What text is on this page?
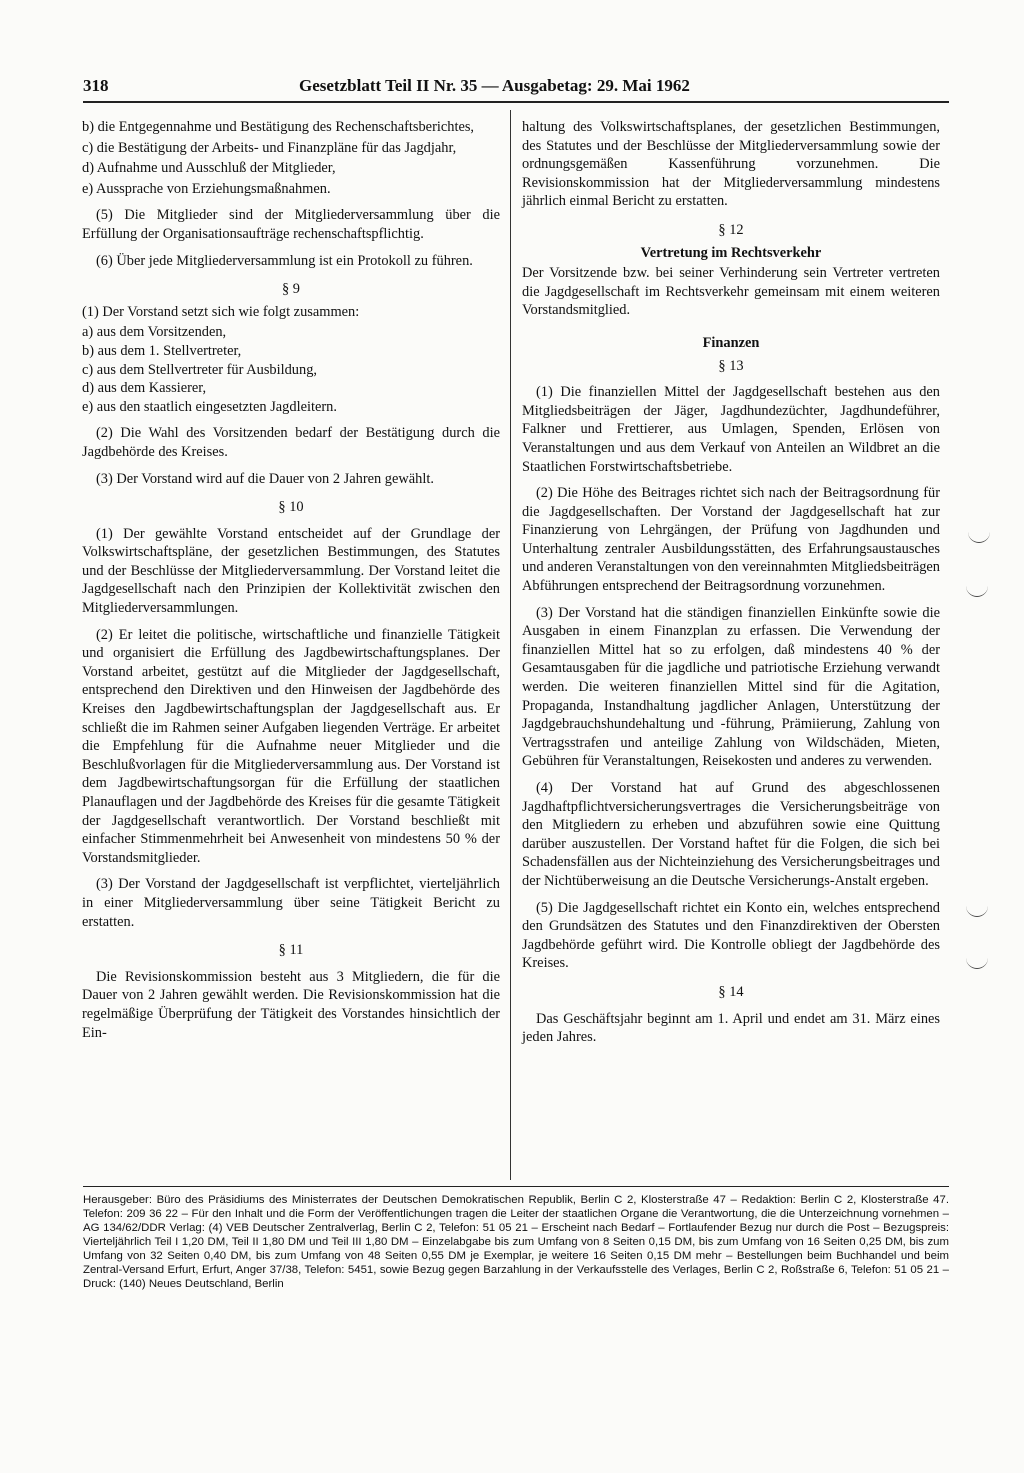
318	Gesetzblatt Teil II Nr. 35 — Ausgabetag: 29. Mai 1962

b) die Entgegennahme und Bestätigung des Rechenschaftsberichtes,

c) die Bestätigung der Arbeits- und Finanzpläne für das Jagdjahr,

d) Aufnahme und Ausschluß der Mitglieder,

e) Aussprache von Erziehungsmaßnahmen.

(5) Die Mitglieder sind der Mitgliederversammlung über die Erfüllung der Organisationsaufträge rechenschaftspflichtig.

(6) Über jede Mitgliederversammlung ist ein Protokoll zu führen.

§ 9

(1) Der Vorstand setzt sich wie folgt zusammen:

a) aus dem Vorsitzenden,

b) aus dem 1. Stellvertreter,

c) aus dem Stellvertreter für Ausbildung,

d) aus dem Kassierer,

e) aus den staatlich eingesetzten Jagdleitern.

(2) Die Wahl des Vorsitzenden bedarf der Bestätigung durch die Jagdbehörde des Kreises.

(3) Der Vorstand wird auf die Dauer von 2 Jahren gewählt.

§ 10

(1) Der gewählte Vorstand entscheidet auf der Grundlage der Volkswirtschaftspläne, der gesetzlichen Bestimmungen, des Statutes und der Beschlüsse der Mitgliederversammlung. Der Vorstand leitet die Jagdgesellschaft nach den Prinzipien der Kollektivität zwischen den Mitgliederversammlungen.

(2) Er leitet die politische, wirtschaftliche und finanzielle Tätigkeit und organisiert die Erfüllung des Jagdbewirtschaftungsplanes. Der Vorstand arbeitet, gestützt auf die Mitglieder der Jagdgesellschaft, entsprechend den Direktiven und den Hinweisen der Jagdbehörde des Kreises den Jagdbewirtschaftungsplan der Jagdgesellschaft aus. Er schließt die im Rahmen seiner Aufgaben liegenden Verträge. Er arbeitet die Empfehlung für die Aufnahme neuer Mitglieder und die Beschlußvorlagen für die Mitgliederversammlung aus. Der Vorstand ist dem Jagdbewirtschaftungsorgan für die Erfüllung der staatlichen Planauflagen und der Jagdbehörde des Kreises für die gesamte Tätigkeit der Jagdgesellschaft verantwortlich. Der Vorstand beschließt mit einfacher Stimmenmehrheit bei Anwesenheit von mindestens 50 % der Vorstandsmitglieder.

(3) Der Vorstand der Jagdgesellschaft ist verpflichtet, vierteljährlich in einer Mitgliederversammlung über seine Tätigkeit Bericht zu erstatten.

§ 11

Die Revisionskommission besteht aus 3 Mitgliedern, die für die Dauer von 2 Jahren gewählt werden. Die Revisionskommission hat die regelmäßige Überprüfung der Tätigkeit des Vorstandes hinsichtlich der Ein-

haltung des Volkswirtschaftsplanes, der gesetzlichen Bestimmungen, des Statutes und der Beschlüsse der Mitgliederversammlung sowie der ordnungsgemäßen Kassenführung vorzunehmen. Die Revisionskommission hat der Mitgliederversammlung mindestens jährlich einmal Bericht zu erstatten.

§ 12

Vertretung im Rechtsverkehr

Der Vorsitzende bzw. bei seiner Verhinderung sein Vertreter vertreten die Jagdgesellschaft im Rechtsverkehr gemeinsam mit einem weiteren Vorstandsmitglied.

Finanzen

§ 13

(1) Die finanziellen Mittel der Jagdgesellschaft bestehen aus den Mitgliedsbeiträgen der Jäger, Jagdhundezüchter, Jagdhundeführer, Falkner und Frettierer, aus Umlagen, Spenden, Erlösen von Veranstaltungen und aus dem Verkauf von Anteilen an Wildbret an die Staatlichen Forstwirtschaftsbetriebe.

(2) Die Höhe des Beitrages richtet sich nach der Beitragsordnung für die Jagdgesellschaften. Der Vorstand der Jagdgesellschaft hat zur Finanzierung von Lehrgängen, der Prüfung von Jagdhunden und Unterhaltung zentraler Ausbildungsstätten, des Erfahrungsaustausches und anderen Veranstaltungen von den vereinnahmten Mitgliedsbeiträgen Abführungen entsprechend der Beitragsordnung vorzunehmen.

(3) Der Vorstand hat die ständigen finanziellen Einkünfte sowie die Ausgaben in einem Finanzplan zu erfassen. Die Verwendung der finanziellen Mittel hat so zu erfolgen, daß mindestens 40 % der Gesamtausgaben für die jagdliche und patriotische Erziehung verwandt werden. Die weiteren finanziellen Mittel sind für die Agitation, Propaganda, Instandhaltung jagdlicher Anlagen, Unterstützung der Jagdgebrauchshundehaltung und -führung, Prämiierung, Zahlung von Vertragsstrafen und anteilige Zahlung von Wildschäden, Mieten, Gebühren für Veranstaltungen, Reisekosten und anderes zu verwenden.

(4) Der Vorstand hat auf Grund des abgeschlossenen Jagdhaftpflichtversicherungsvertrages die Versicherungsbeiträge von den Mitgliedern zu erheben und abzuführen sowie eine Quittung darüber auszustellen. Der Vorstand haftet für die Folgen, die sich bei Schadensfällen aus der Nichteinziehung des Versicherungsbeitrages und der Nichtüberweisung an die Deutsche Versicherungs-Anstalt ergeben.

(5) Die Jagdgesellschaft richtet ein Konto ein, welches entsprechend den Grundsätzen des Statutes und den Finanzdirektiven der Obersten Jagdbehörde geführt wird. Die Kontrolle obliegt der Jagdbehörde des Kreises.

§ 14

Das Geschäftsjahr beginnt am 1. April und endet am 31. März eines jeden Jahres.

Herausgeber: Büro des Präsidiums des Ministerrates der Deutschen Demokratischen Republik, Berlin C 2, Klosterstraße 47 – Redaktion: Berlin C 2, Klosterstraße 47. Telefon: 209 36 22 – Für den Inhalt und die Form der Veröffentlichungen tragen die Leiter der staatlichen Organe die Verantwortung, die die Unterzeichnung vornehmen – AG 134/62/DDR Verlag: (4) VEB Deutscher Zentralverlag, Berlin C 2, Telefon: 51 05 21 – Erscheint nach Bedarf – Fortlaufender Bezug nur durch die Post – Bezugspreis: Vierteljährlich Teil I 1,20 DM, Teil II 1,80 DM und Teil III 1,80 DM – Einzelabgabe bis zum Umfang von 8 Seiten 0,15 DM, bis zum Umfang von 16 Seiten 0,25 DM, bis zum Umfang von 32 Seiten 0,40 DM, bis zum Umfang von 48 Seiten 0,55 DM je Exemplar, je weitere 16 Seiten 0,15 DM mehr – Bestellungen beim Buchhandel und beim Zentral-Versand Erfurt, Erfurt, Anger 37/38, Telefon: 5451, sowie Bezug gegen Barzahlung in der Verkaufsstelle des Verlages, Berlin C 2, Roßstraße 6, Telefon: 51 05 21 – Druck: (140) Neues Deutschland, Berlin
